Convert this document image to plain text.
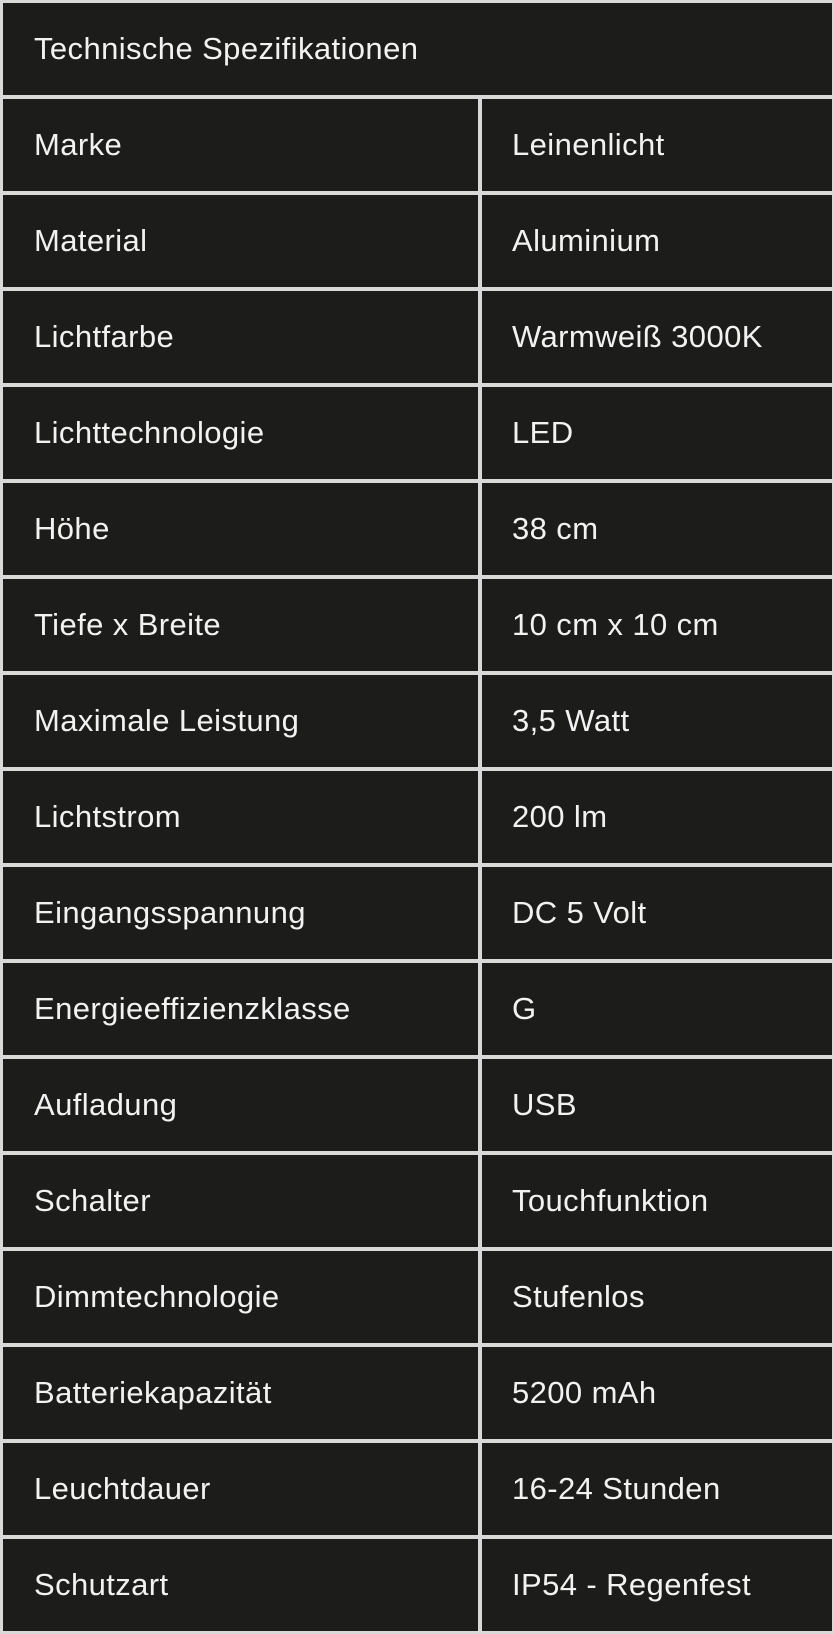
Technische Spezifikationen
Marke	Leinenlicht
Material	Aluminium
Lichtfarbe	Warmweiß 3000K
Lichttechnologie	LED
Höhe	38 cm
Tiefe x Breite	10 cm x 10 cm
Maximale Leistung	3,5 Watt
Lichtstrom	200 lm
Eingangsspannung	DC 5 Volt
Energieeffizienzklasse	G
Aufladung	USB
Schalter	Touchfunktion
Dimmtechnologie	Stufenlos
Batteriekapazität	5200 mAh
Leuchtdauer	16-24 Stunden
Schutzart	IP54 - Regenfest
